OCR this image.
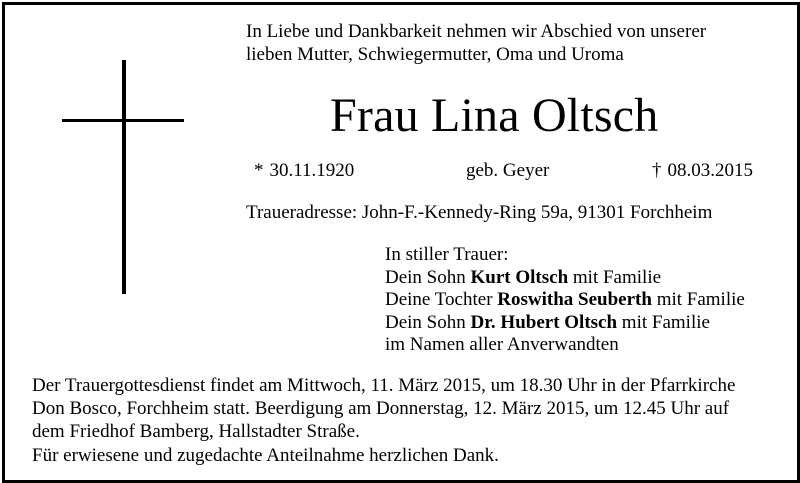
In Liebe und Dankbarkeit nehmen wir Abschied von unserer
lieben Mutter, Schwiegermutter, Oma und Uroma
Frau Lina Oltsch
* 30.11.1920	geb. Geyer	† 08.03.2015
Traueradresse: John-F.-Kennedy-Ring 59a, 91301 Forchheim
In stiller Trauer:
Dein Sohn Kurt Oltsch mit Familie
Deine Tochter Roswitha Seuberth mit Familie
Dein Sohn Dr. Hubert Oltsch mit Familie
im Namen aller Anverwandten
Der Trauergottesdienst findet am Mittwoch, 11. März 2015, um 18.30 Uhr in der Pfarrkirche
Don Bosco, Forchheim statt. Beerdigung am Donnerstag, 12. März 2015, um 12.45 Uhr auf
dem Friedhof Bamberg, Hallstadter Straße.
Für erwiesene und zugedachte Anteilnahme herzlichen Dank.
